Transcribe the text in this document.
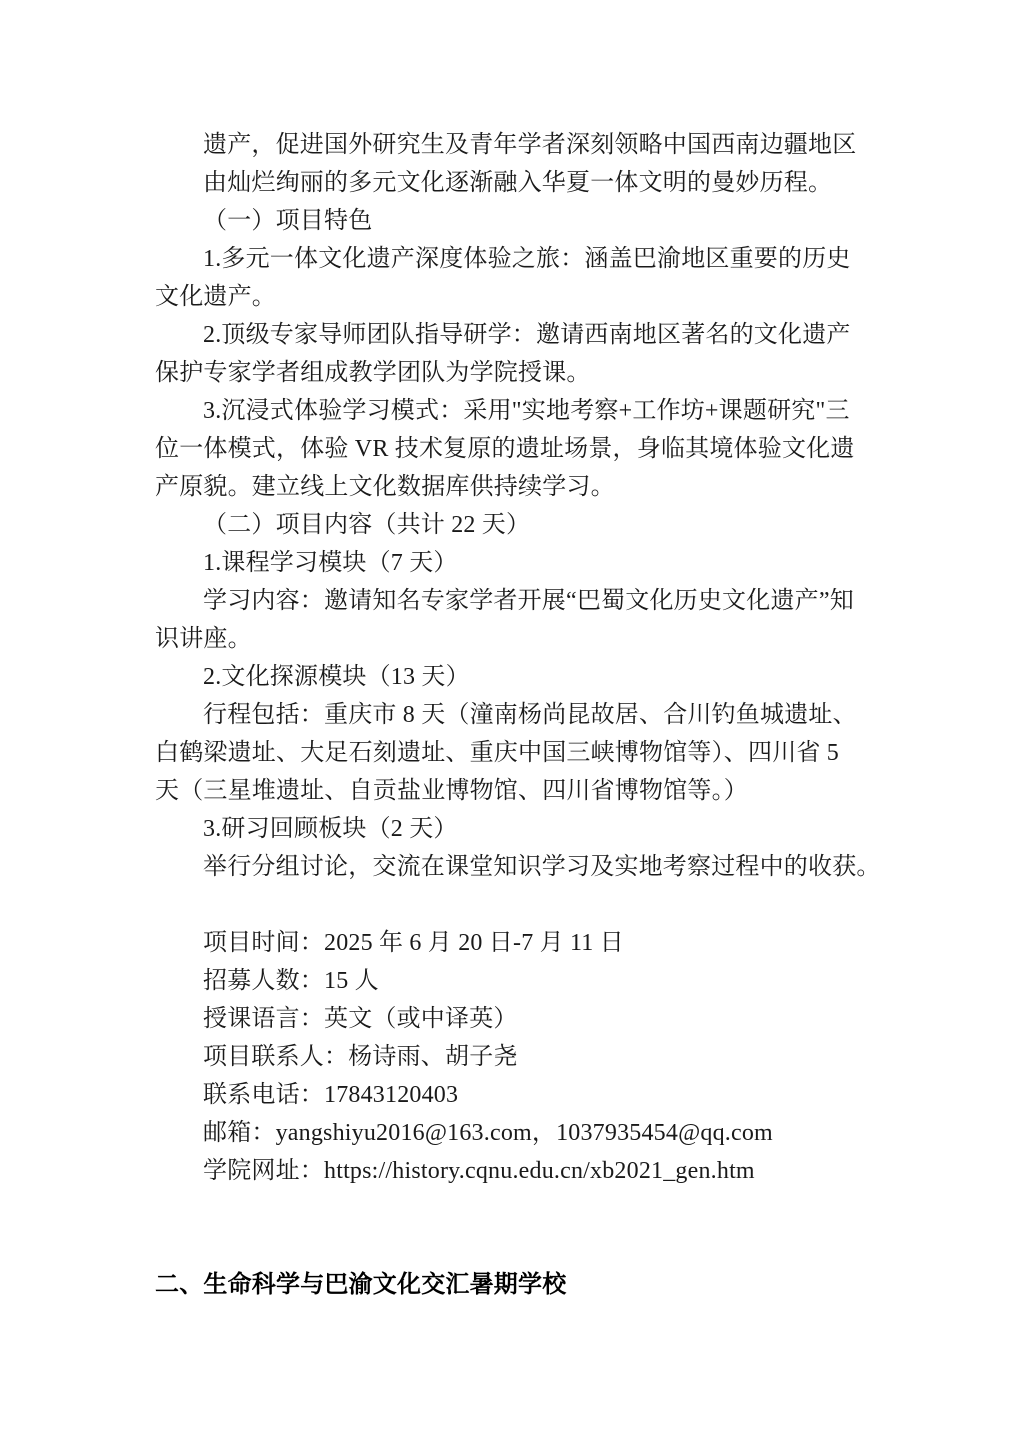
遗产，促进国外研究生及青年学者深刻领略中国西南边疆地区
由灿烂绚丽的多元文化逐渐融入华夏一体文明的曼妙历程。
（一）项目特色
1.多元一体文化遗产深度体验之旅：涵盖巴渝地区重要的历史
文化遗产。
2.顶级专家导师团队指导研学：邀请西南地区著名的文化遗产
保护专家学者组成教学团队为学院授课。
3.沉浸式体验学习模式：采用"实地考察+工作坊+课题研究"三
位一体模式，体验 VR 技术复原的遗址场景，身临其境体验文化遗
产原貌。建立线上文化数据库供持续学习。
（二）项目内容（共计 22 天）
1.课程学习模块（7 天）
学习内容：邀请知名专家学者开展“巴蜀文化历史文化遗产”知
识讲座。
2.文化探源模块（13 天）
行程包括：重庆市 8 天（潼南杨尚昆故居、合川钓鱼城遗址、
白鹤梁遗址、大足石刻遗址、重庆中国三峡博物馆等）、四川省 5
天（三星堆遗址、自贡盐业博物馆、四川省博物馆等。）
3.研习回顾板块（2 天）
举行分组讨论，交流在课堂知识学习及实地考察过程中的收获。
项目时间：2025 年 6 月 20 日-7 月 11 日
招募人数：15 人
授课语言：英文（或中译英）
项目联系人：杨诗雨、胡子尧
联系电话：17843120403
邮箱：yangshiyu2016@163.com，1037935454@qq.com
学院网址：https://history.cqnu.edu.cn/xb2021_gen.htm
二、生命科学与巴渝文化交汇暑期学校
